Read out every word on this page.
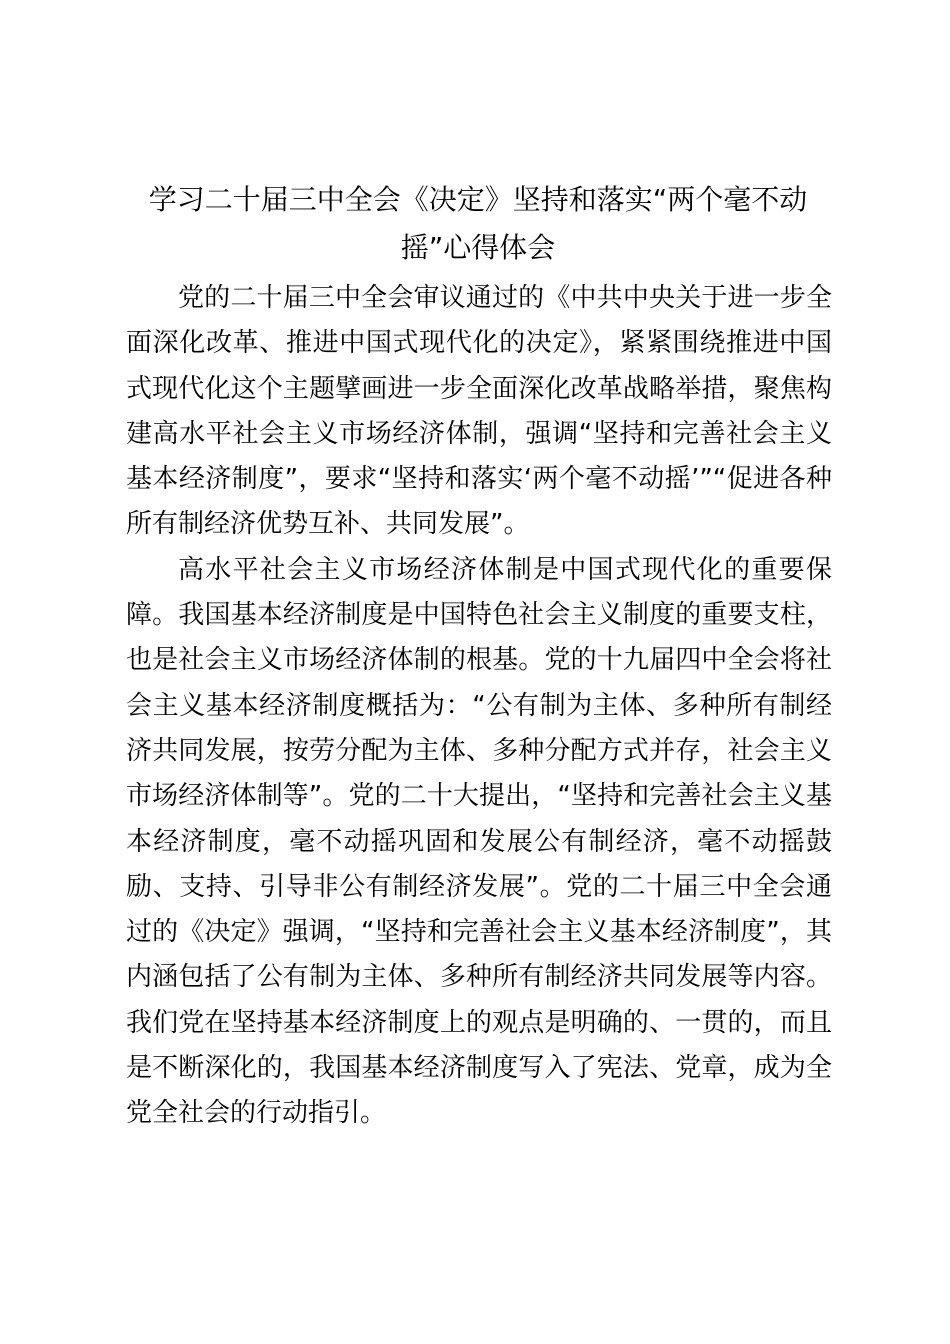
学习二十届三中全会《决定》坚持和落实“两个毫不动摇”心得体会

党的二十届三中全会审议通过的《中共中央关于进一步全面深化改革、推进中国式现代化的决定》，紧紧围绕推进中国式现代化这个主题擘画进一步全面深化改革战略举措，聚焦构建高水平社会主义市场经济体制，强调“坚持和完善社会主义基本经济制度”，要求“坚持和落实‘两个毫不动摇’”“促进各种所有制经济优势互补、共同发展”。

高水平社会主义市场经济体制是中国式现代化的重要保障。我国基本经济制度是中国特色社会主义制度的重要支柱，也是社会主义市场经济体制的根基。党的十九届四中全会将社会主义基本经济制度概括为：“公有制为主体、多种所有制经济共同发展，按劳分配为主体、多种分配方式并存，社会主义市场经济体制等”。党的二十大提出，“坚持和完善社会主义基本经济制度，毫不动摇巩固和发展公有制经济，毫不动摇鼓励、支持、引导非公有制经济发展”。党的二十届三中全会通过的《决定》强调，“坚持和完善社会主义基本经济制度”，其内涵包括了公有制为主体、多种所有制经济共同发展等内容。我们党在坚持基本经济制度上的观点是明确的、一贯的，而且是不断深化的，我国基本经济制度写入了宪法、党章，成为全党全社会的行动指引。
